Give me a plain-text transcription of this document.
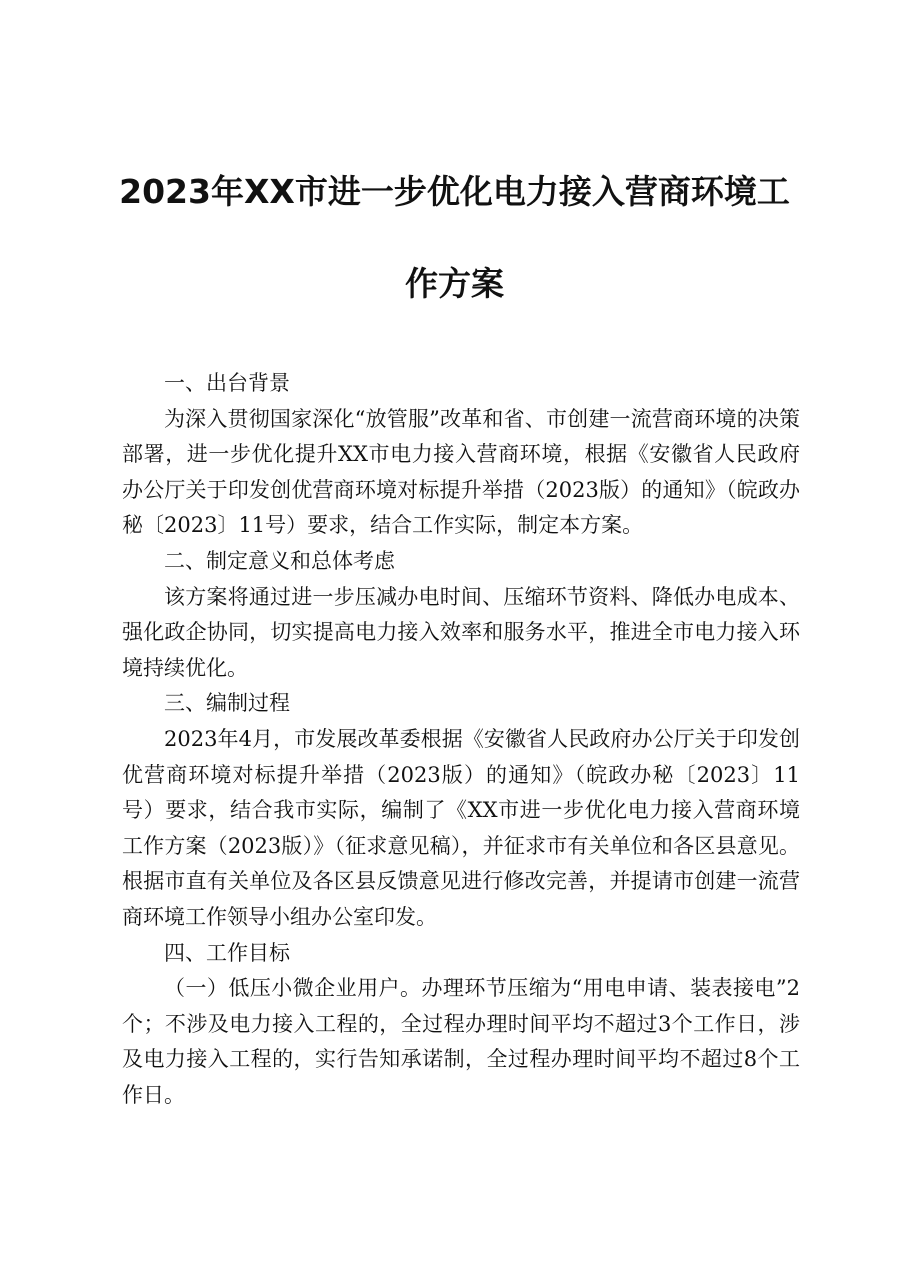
2023年XX市进一步优化电力接入营商环境工
作方案

一、出台背景

为深入贯彻国家深化“放管服”改革和省、市创建一流营商环境的决策部署，进一步优化提升XX市电力接入营商环境，根据《安徽省人民政府办公厅关于印发创优营商环境对标提升举措（2023版）的通知》（皖政办秘〔2023〕11号）要求，结合工作实际，制定本方案。

二、制定意义和总体考虑

该方案将通过进一步压减办电时间、压缩环节资料、降低办电成本、强化政企协同，切实提高电力接入效率和服务水平，推进全市电力接入环境持续优化。

三、编制过程

2023年4月，市发展改革委根据《安徽省人民政府办公厅关于印发创优营商环境对标提升举措（2023版）的通知》（皖政办秘〔2023〕11号）要求，结合我市实际，编制了《XX市进一步优化电力接入营商环境工作方案（2023版）》（征求意见稿），并征求市有关单位和各区县意见。根据市直有关单位及各区县反馈意见进行修改完善，并提请市创建一流营商环境工作领导小组办公室印发。

四、工作目标

（一）低压小微企业用户。办理环节压缩为“用电申请、装表接电”2个；不涉及电力接入工程的，全过程办理时间平均不超过3个工作日，涉及电力接入工程的，实行告知承诺制，全过程办理时间平均不超过8个工作日。
